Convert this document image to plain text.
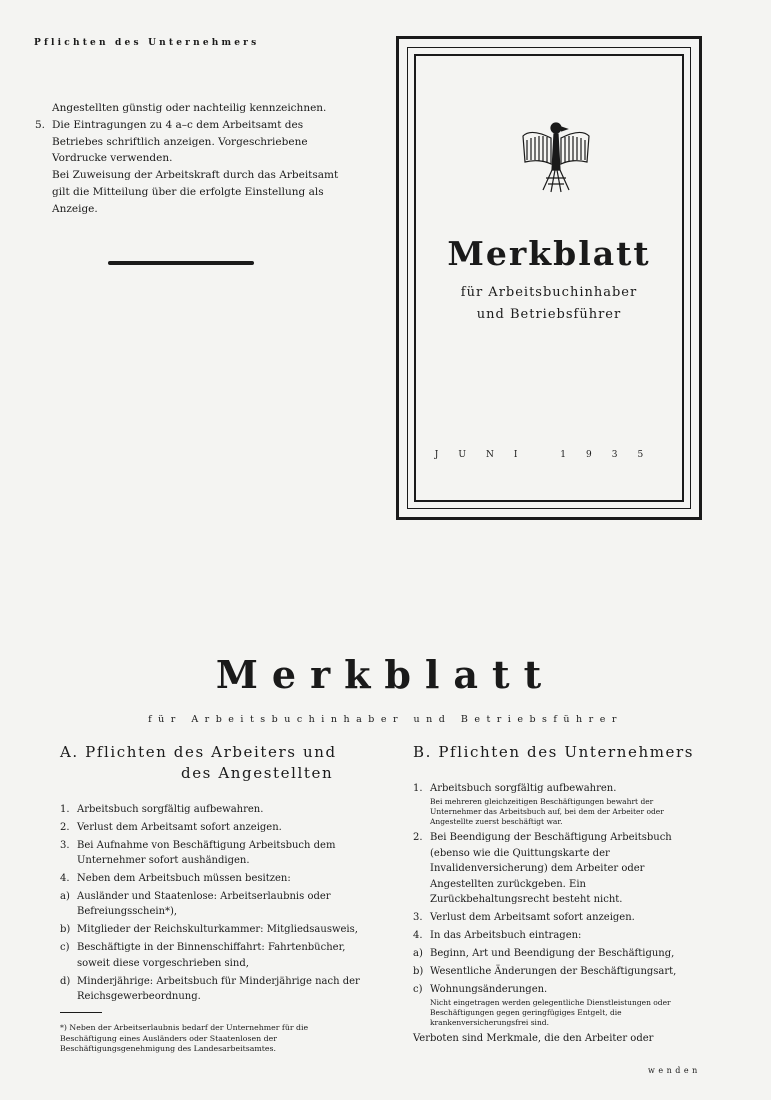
Pflichten des Unternehmers

Angestellten günstig oder nachteilig kennzeichnen.

5. Die Eintragungen zu 4 a–c dem Arbeitsamt des Betriebes schriftlich anzeigen. Vorgeschriebene Vordrucke verwenden.

Bei Zuweisung der Arbeitskraft durch das Arbeitsamt gilt die Mitteilung über die erfolgte Einstellung als Anzeige.

Merkblatt
für Arbeitsbuchinhaber
und Betriebsführer
JUNI 1935
Merkblatt
für Arbeitsbuchinhaber und Betriebsführer
A. Pflichten des Arbeiters und
des Angestellten
1. Arbeitsbuch sorgfältig aufbewahren.
2. Verlust dem Arbeitsamt sofort anzeigen.
3. Bei Aufnahme von Beschäftigung Arbeitsbuch dem Unternehmer sofort aushändigen.
4. Neben dem Arbeitsbuch müssen besitzen:
a) Ausländer und Staatenlose: Arbeitserlaubnis oder Befreiungsschein*),
b) Mitglieder der Reichskulturkammer: Mitgliedsausweis,
c) Beschäftigte in der Binnenschiffahrt: Fahrtenbücher, soweit diese vorgeschrieben sind,
d) Minderjährige: Arbeitsbuch für Minderjährige nach der Reichsgewerbeordnung.
*) Neben der Arbeitserlaubnis bedarf der Unternehmer für die Beschäftigung eines Ausländers oder Staatenlosen der Beschäftigungsgenehmigung des Landesarbeitsamtes.
B. Pflichten des Unternehmers
1. Arbeitsbuch sorgfältig aufbewahren.
Bei mehreren gleichzeitigen Beschäftigungen bewahrt der Unternehmer das Arbeitsbuch auf, bei dem der Arbeiter oder Angestellte zuerst beschäftigt war.
2. Bei Beendigung der Beschäftigung Arbeitsbuch (ebenso wie die Quittungskarte der Invalidenversicherung) dem Arbeiter oder Angestellten zurückgeben. Ein Zurückbehaltungsrecht besteht nicht.
3. Verlust dem Arbeitsamt sofort anzeigen.
4. In das Arbeitsbuch eintragen:
a) Beginn, Art und Beendigung der Beschäftigung,
b) Wesentliche Änderungen der Beschäftigungsart,
c) Wohnungsänderungen.
Nicht eingetragen werden gelegentliche Dienstleistungen oder Beschäftigungen gegen geringfügiges Entgelt, die krankenversicherungsfrei sind.
Verboten sind Merkmale, die den Arbeiter oder
wenden
